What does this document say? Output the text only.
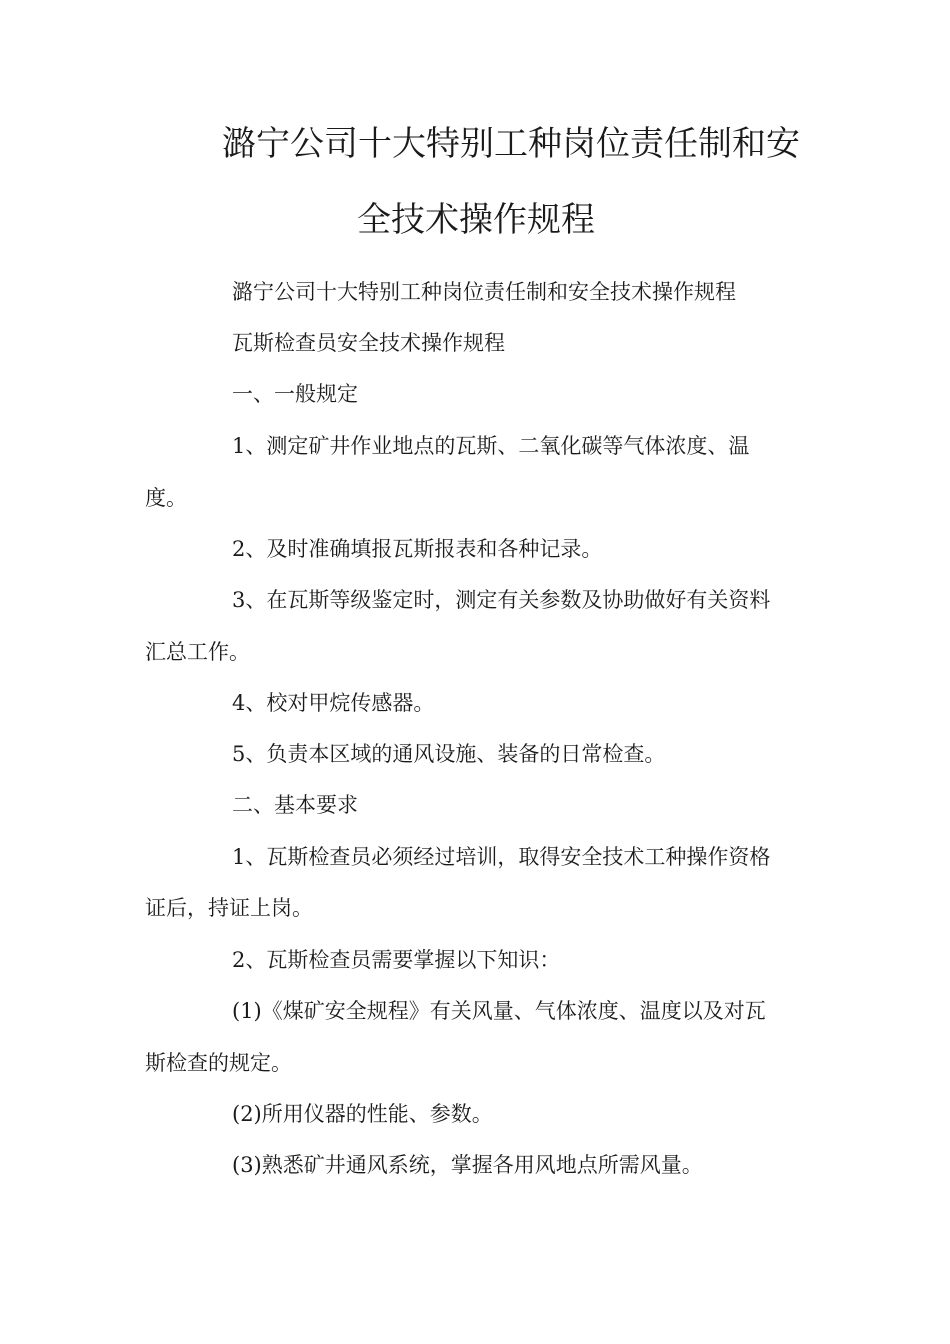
潞宁公司十大特别工种岗位责任制和安
全技术操作规程
潞宁公司十大特别工种岗位责任制和安全技术操作规程
瓦斯检查员安全技术操作规程
一、一般规定
1、测定矿井作业地点的瓦斯、二氧化碳等气体浓度、温
度。
2、及时准确填报瓦斯报表和各种记录。
3、在瓦斯等级鉴定时，测定有关参数及协助做好有关资料
汇总工作。
4、校对甲烷传感器。
5、负责本区域的通风设施、装备的日常检查。
二、基本要求
1、瓦斯检查员必须经过培训，取得安全技术工种操作资格
证后，持证上岗。
2、瓦斯检查员需要掌握以下知识：
(1)《煤矿安全规程》有关风量、气体浓度、温度以及对瓦
斯检查的规定。
(2)所用仪器的性能、参数。
(3)熟悉矿井通风系统，掌握各用风地点所需风量。
